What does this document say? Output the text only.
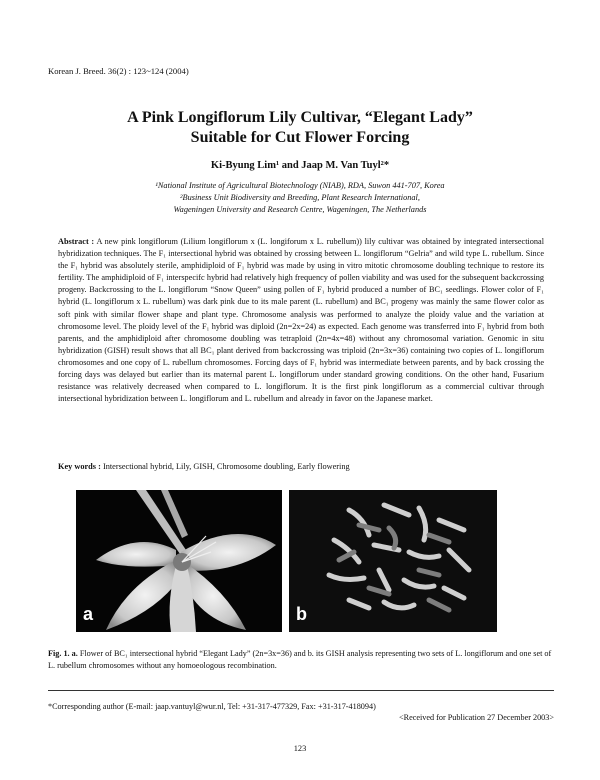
Korean J. Breed. 36(2) : 123~124 (2004)
A Pink Longiflorum Lily Cultivar, “Elegant Lady”
Suitable for Cut Flower Forcing
Ki-Byung Lim¹ and Jaap M. Van Tuyl²*
¹National Institute of Agricultural Biotechnology (NIAB), RDA, Suwon 441-707, Korea
²Business Unit Biodiversity and Breeding, Plant Research International,
Wageningen University and Research Centre, Wageningen, The Netherlands
Abstract : A new pink longiflorum (Lilium longiflorum x (L. longiforum x L. rubellum)) lily cultivar was obtained by integrated intersectional hybridization techniques. The F₁ intersectional hybrid was obtained by crossing between L. longiflorum “Gelria” and wild type L. rubellum. Since the F₁ hybrid was absolutely sterile, amphidiploid of F₁ hybrid was made by using in vitro mitotic chromosome doubling technique to restore its fertility. The amphidiploid of F₁ interspecifc hybrid had relatively high frequency of pollen viability and was used for the subsequent backcrossing progeny. Backcrossing to the L. longiflorum “Snow Queen” using pollen of F₁ hybrid produced a number of BC₁ seedlings. Flower color of F₁ hybrid (L. longiflorum x L. rubellum) was dark pink due to its male parent (L. rubellum) and BC₁ progeny was mainly the same flower color as soft pink with similar flower shape and plant type. Chromosome analysis was performed to analyze the ploidy value and the variation at chromosome level. The ploidy level of the F₁ hybrid was diploid (2n=2x=24) as expected. Each genome was transferred into F₁ hybrid from both parents, and the amphidiploid after chromosome doubling was tetraploid (2n=4x=48) without any chromosomal variation. Genomic in situ hybridization (GISH) result shows that all BC₁ plant derived from backcrossing was triploid (2n=3x=36) containing two copies of L. longiflorum chromosomes and one copy of L. rubellum chromosomes. Forcing days of F₁ hybrid was intermediate between parents, and by back crossing the forcing days was delayed but earlier than its maternal parent L. longiflorum under standard growing conditions. On the other hand, Fusarium resistance was relatively decreased when compared to L. longiflorum. It is the first pink longiflorum as a commercial cultivar through intersectional hybridization between L. longiflorum and L. rubellum and already in favor on the Japanese market.
Key words : Intersectional hybrid, Lily, GISH, Chromosome doubling, Early flowering
a	b
Fig. 1. a. Flower of BC₁ intersectional hybrid “Elegant Lady” (2n=3x=36) and b. its GISH analysis representing two sets of L. longiflorum and one set of L. rubellum chromosomes without any homoeologous recombination.
*Corresponding author (E-mail: jaap.vantuyl@wur.nl, Tel: +31-317-477329, Fax: +31-317-418094)
<Received for Publication 27 December 2003>
123
